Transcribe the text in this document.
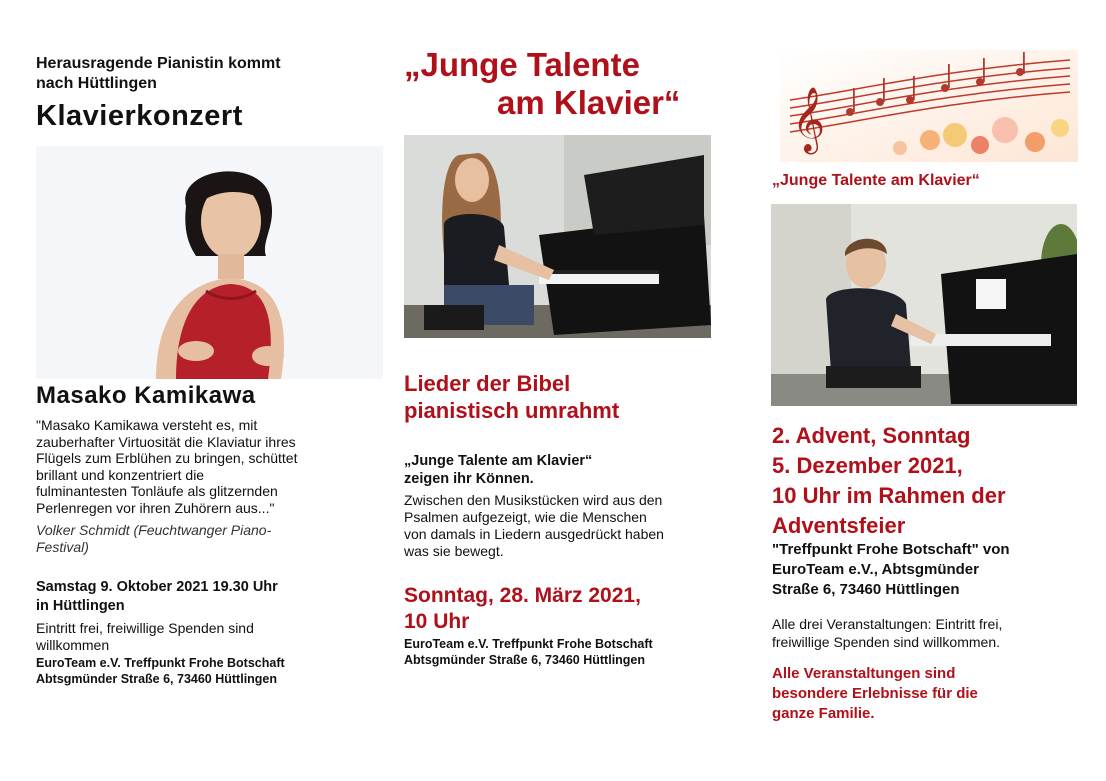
Herausragende Pianistin kommt
nach Hüttlingen
Klavierkonzert
Masako Kamikawa
"Masako Kamikawa versteht es, mit
zauberhafter Virtuosität die Klaviatur ihres
Flügels zum Erblühen zu bringen, schüttet
brillant und konzentriert die
fulminantesten Tonläufe als glitzernden
Perlenregen vor ihren Zuhörern aus..."
Volker Schmidt (Feuchtwanger Piano-
Festival)
Samstag 9. Oktober 2021 19.30 Uhr
in Hüttlingen
Eintritt frei, freiwillige Spenden sind
willkommen
EuroTeam e.V. Treffpunkt Frohe Botschaft
Abtsgmünder Straße 6, 73460 Hüttlingen
„Junge Talente
am Klavier“
Lieder der Bibel
pianistisch umrahmt
„Junge Talente am Klavier“
zeigen ihr Können.
Zwischen den Musikstücken wird aus den
Psalmen aufgezeigt, wie die Menschen
von damals in Liedern ausgedrückt haben
was sie bewegt.
Sonntag, 28. März 2021,
10 Uhr
EuroTeam e.V. Treffpunkt Frohe Botschaft
Abtsgmünder Straße 6, 73460 Hüttlingen
𝄞
„Junge Talente am Klavier“
2. Advent, Sonntag
5. Dezember 2021,
10 Uhr im Rahmen der
Adventsfeier
"Treffpunkt Frohe Botschaft" von
EuroTeam e.V., Abtsgmünder
Straße 6, 73460 Hüttlingen
Alle drei Veranstaltungen: Eintritt frei,
freiwillige Spenden sind willkommen.
Alle Veranstaltungen sind
besondere Erlebnisse für die
ganze Familie.
